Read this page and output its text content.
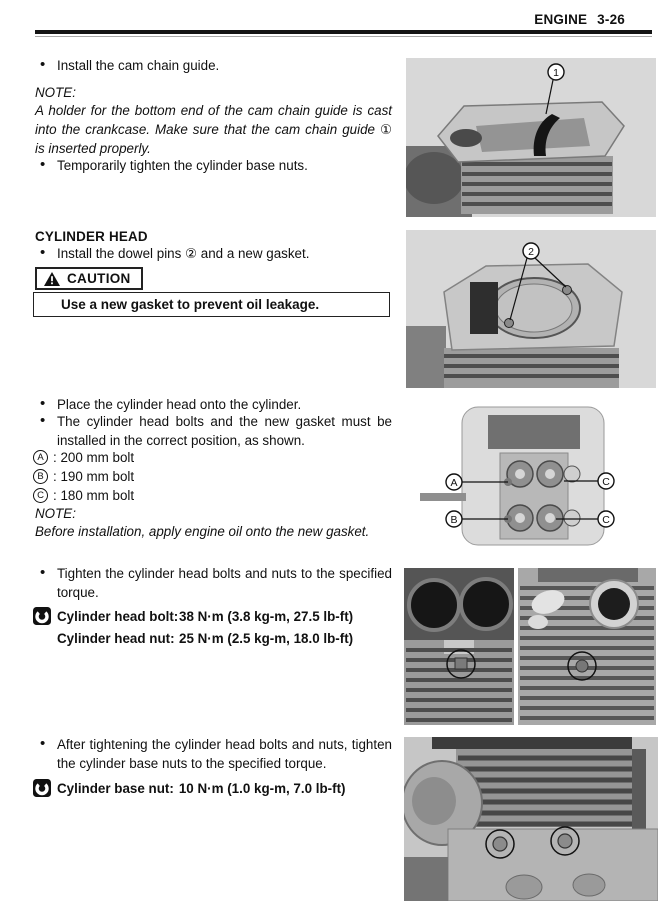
ENGINE 3-26
• Install the cam chain guide.
NOTE:
A holder for the bottom end of the cam chain guide is cast into the crankcase. Make sure that the cam chain guide ① is inserted properly.
• Temporarily tighten the cylinder base nuts.
CYLINDER HEAD
• Install the dowel pins ② and a new gasket.
CAUTION
Use a new gasket to prevent oil leakage.
• Place the cylinder head onto the cylinder.
• The cylinder head bolts and the new gasket must be installed in the correct position, as shown.
A : 200 mm bolt
B : 190 mm bolt
C : 180 mm bolt
NOTE:
Before installation, apply engine oil onto the new gasket.
• Tighten the cylinder head bolts and nuts to the specified torque.
Cylinder head bolt: 38 N·m (3.8 kg-m, 27.5 lb-ft)
Cylinder head nut: 25 N·m (2.5 kg-m, 18.0 lb-ft)
• After tightening the cylinder head bolts and nuts, tighten the cylinder base nuts to the specified torque.
Cylinder base nut: 10 N·m (1.0 kg-m, 7.0 lb-ft)
1
2
A
B
C
C
